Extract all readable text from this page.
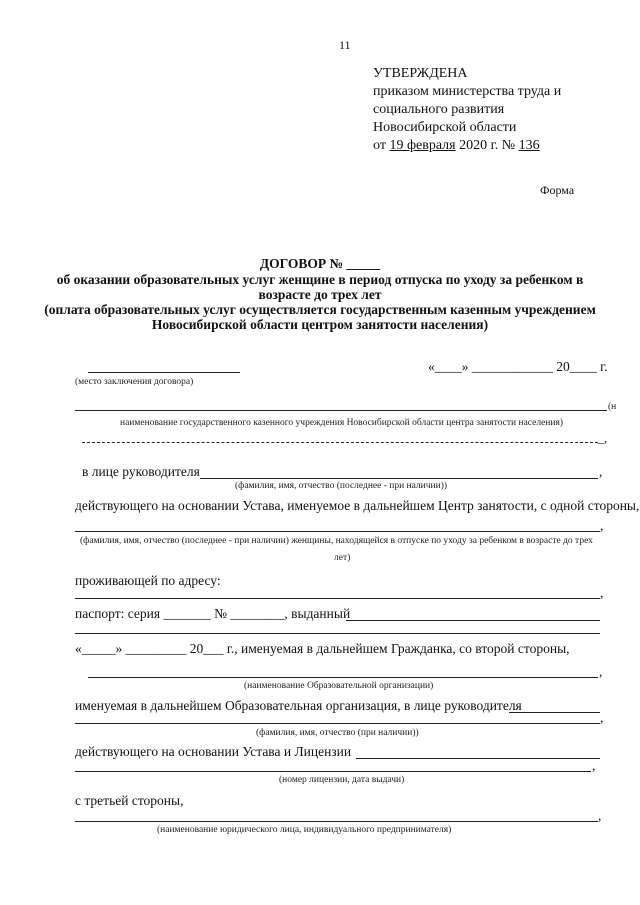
11
УТВЕРЖДЕНА
приказом министерства труда и
социального развития
Новосибирской области
от 19 февраля 2020 г. № 136
Форма
ДОГОВОР № _____
об оказании образовательных услуг женщине в период отпуска по уходу за ребенком в
возрасте до трех лет
(оплата образовательных услуг осуществляется государственным казенным учреждением
Новосибирской области центром занятости населения)
«____» ____________ 20____ г.
(место заключения договора)
(н
наименование государственного казенного учреждения Новосибирской области центра занятости населения)
_,
в лице руководителя	,
(фамилия, имя, отчество (последнее - при наличии))
действующего на основании Устава, именуемое в дальнейшем Центр занятости, с одной стороны,
,
(фамилия, имя, отчество (последнее - при наличии) женщины, находящейся в отпуске по уходу за ребенком в возрасте до трех
лет)
проживающей по адресу:
,
паспорт: серия _______ № ________, выданный
«_____» _________ 20___ г., именуемая в дальнейшем Гражданка, со второй стороны,
,
(наименование Образовательной организации)
именуемая в дальнейшем Образовательная организация, в лице руководителя
,
(фамилия, имя, отчество (при наличии))
действующего на основании Устава и Лицензии
,
(номер лицензии, дата выдачи)
с третьей стороны,
,
(наименование юридического лица, индивидуального предпринимателя)
